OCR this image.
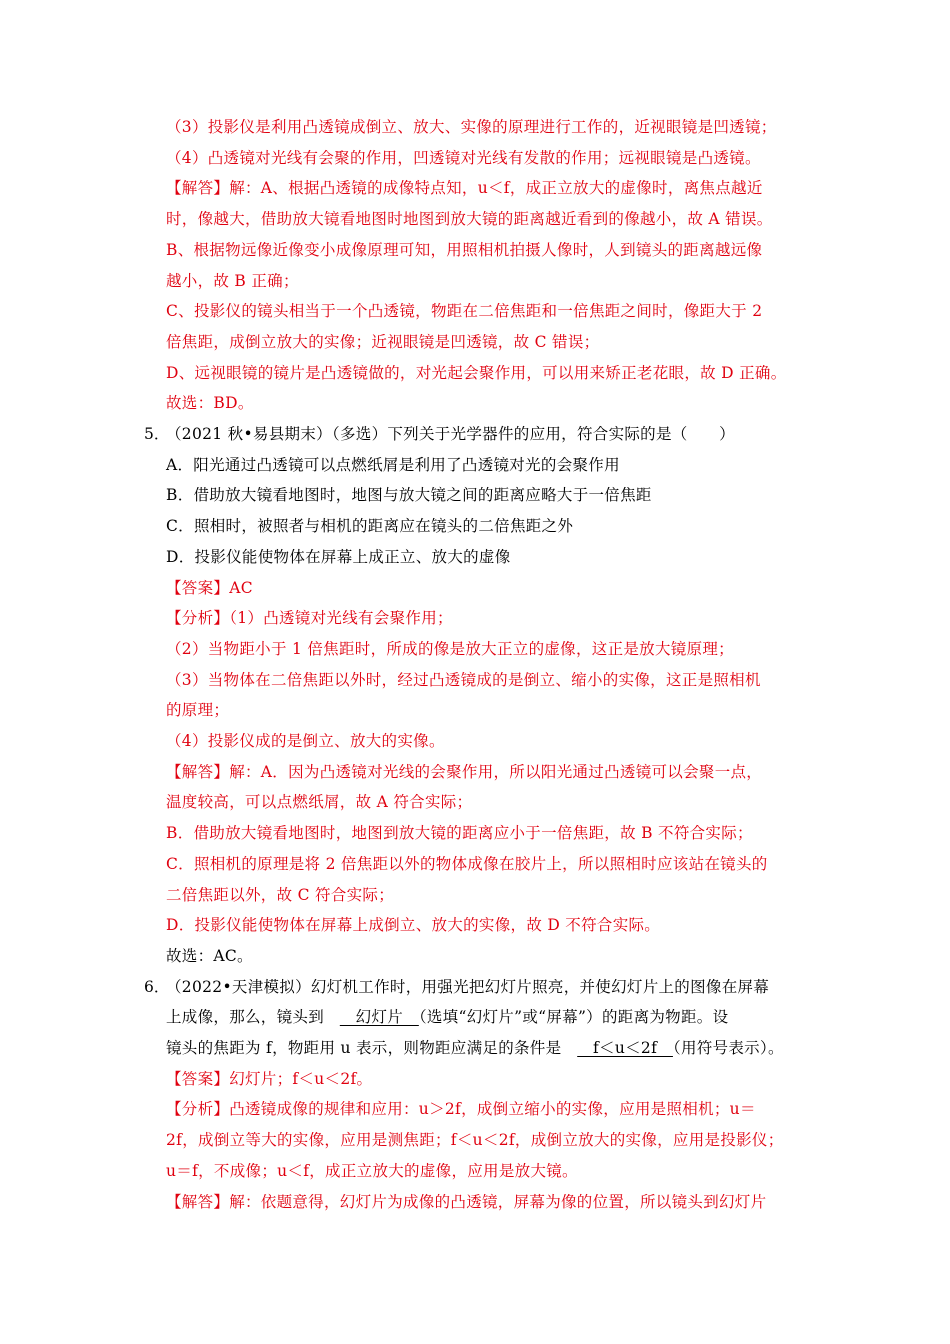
（3）投影仪是利用凸透镜成倒立、放大、实像的原理进行工作的，近视眼镜是凹透镜；
（4）凸透镜对光线有会聚的作用，凹透镜对光线有发散的作用；远视眼镜是凸透镜。
【解答】解：A、根据凸透镜的成像特点知，u＜f，成正立放大的虚像时，离焦点越近
时，像越大，借助放大镜看地图时地图到放大镜的距离越近看到的像越小，故 A 错误。
B、根据物远像近像变小成像原理可知，用照相机拍摄人像时，人到镜头的距离越远像
越小，故 B 正确；
C、投影仪的镜头相当于一个凸透镜，物距在二倍焦距和一倍焦距之间时，像距大于 2
倍焦距，成倒立放大的实像；近视眼镜是凹透镜，故 C 错误；
D、远视眼镜的镜片是凸透镜做的，对光起会聚作用，可以用来矫正老花眼，故 D 正确。
故选：BD。
5．
（2021 秋•易县期末）（多选）下列关于光学器件的应用，符合实际的是（　　）
A．阳光通过凸透镜可以点燃纸屑是利用了凸透镜对光的会聚作用
B．借助放大镜看地图时，地图与放大镜之间的距离应略大于一倍焦距
C．照相时，被照者与相机的距离应在镜头的二倍焦距之外
D．投影仪能使物体在屏幕上成正立、放大的虚像
【答案】AC
【分析】（1）凸透镜对光线有会聚作用；
（2）当物距小于 1 倍焦距时，所成的像是放大正立的虚像，这正是放大镜原理；
（3）当物体在二倍焦距以外时，经过凸透镜成的是倒立、缩小的实像，这正是照相机
的原理；
（4）投影仪成的是倒立、放大的实像。
【解答】解：A．因为凸透镜对光线的会聚作用，所以阳光通过凸透镜可以会聚一点，
温度较高，可以点燃纸屑，故 A 符合实际；
B．借助放大镜看地图时，地图到放大镜的距离应小于一倍焦距，故 B 不符合实际；
C．照相机的原理是将 2 倍焦距以外的物体成像在胶片上，所以照相时应该站在镜头的
二倍焦距以外，故 C 符合实际；
D．投影仪能使物体在屏幕上成倒立、放大的实像，故 D 不符合实际。
故选：AC。
6．
（2022•天津模拟）幻灯机工作时，用强光把幻灯片照亮，并使幻灯片上的图像在屏幕
上成像，那么，镜头到　　幻灯片　（选填“幻灯片”或“屏幕”）的距离为物距。设
镜头的焦距为 f，物距用 u 表示，则物距应满足的条件是　　f＜u＜2f　（用符号表示）。
【答案】幻灯片；f＜u＜2f。
【分析】凸透镜成像的规律和应用：u＞2f，成倒立缩小的实像，应用是照相机；u＝
2f，成倒立等大的实像，应用是测焦距；f＜u＜2f，成倒立放大的实像，应用是投影仪；
u＝f，不成像；u＜f，成正立放大的虚像，应用是放大镜。
【解答】解：依题意得，幻灯片为成像的凸透镜，屏幕为像的位置，所以镜头到幻灯片
